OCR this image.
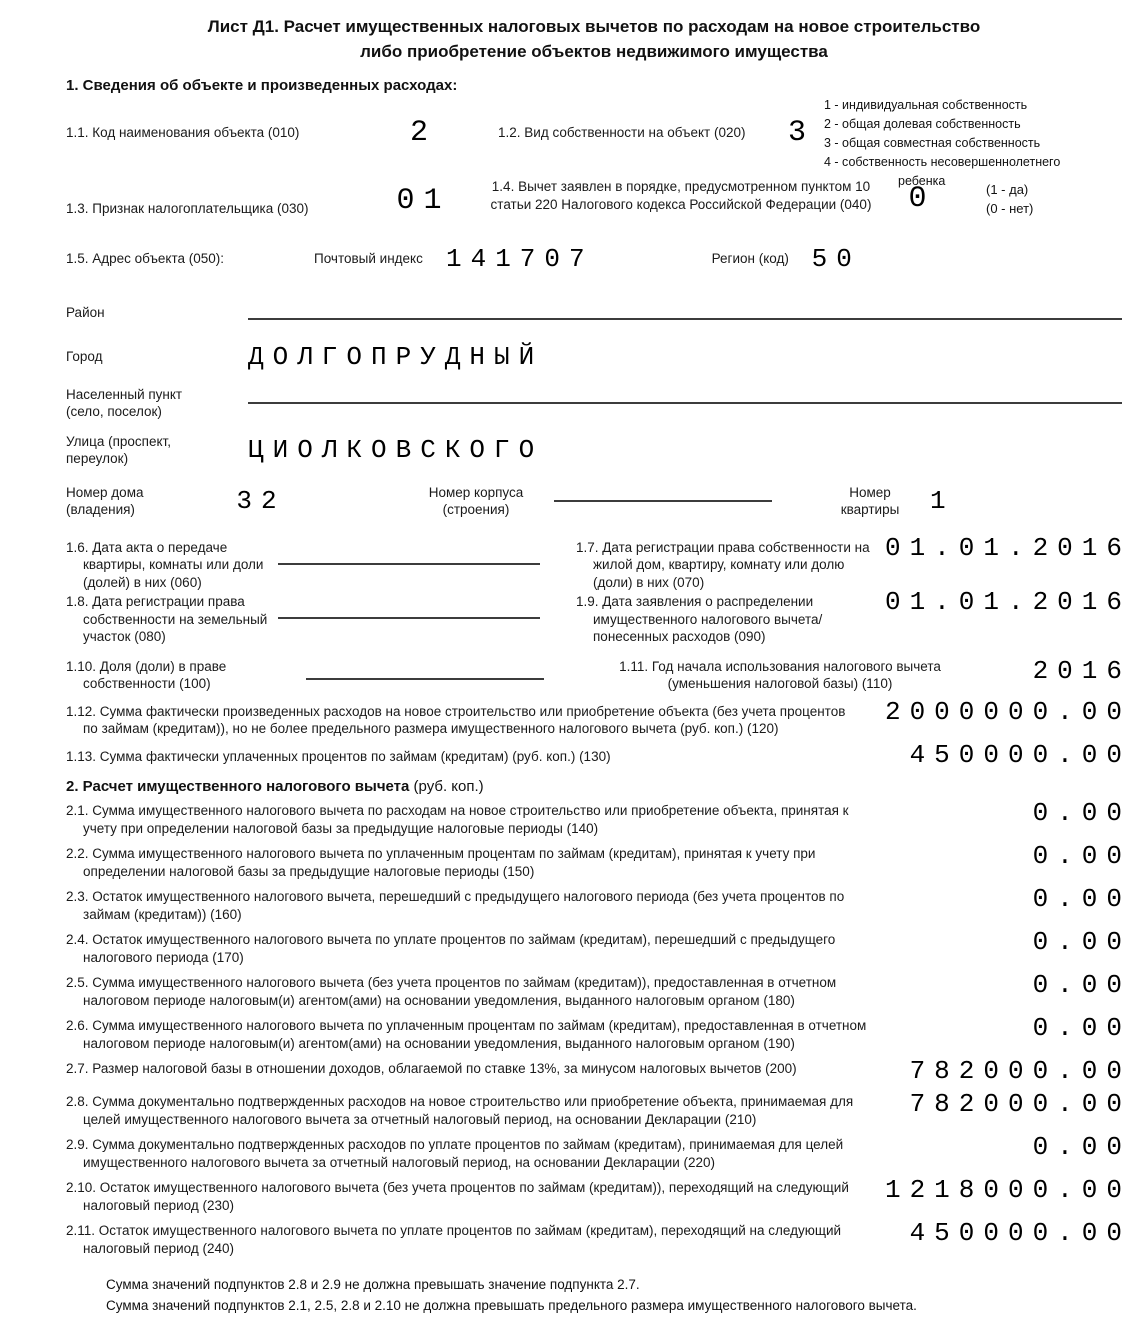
Лист Д1. Расчет имущественных налоговых вычетов по расходам на новое строительство
либо приобретение объектов недвижимого имущества
1. Сведения об объекте и произведенных расходах:
1.1. Код наименования объекта (010)	2	1.2. Вид собственности на объект (020)	3
1 - индивидуальная собственность
2 - общая долевая собственность
3 - общая совместная собственность
4 - собственность несовершеннолетнего
ребенка
1.3. Признак налогоплательщика (030)	01	1.4. Вычет заявлен в порядке, предусмотренном пунктом 10 статьи 220 Налогового кодекса Российской Федерации (040)	0	(1 - да)
(0 - нет)
1.5. Адрес объекта (050):	Почтовый индекс 141707	Регион (код) 50
Район
Город	ДОЛГОПРУДНЫЙ
Населенный пункт (село, поселок)
Улица (проспект, переулок)	ЦИОЛКОВСКОГО
Номер дома (владения)	32	Номер корпуса (строения)
Номер квартиры 1
1.6. Дата акта о передаче квартиры, комнаты или доли (долей) в них (060)
1.7. Дата регистрации права собственности на жилой дом, квартиру, комнату или долю (доли) в них (070)
01.01.2016
1.8. Дата регистрации права собственности на земельный участок (080)
1.9. Дата заявления о распределении имущественного налогового вычета/ понесенных расходов (090)
01.01.2016
1.10. Доля (доли) в праве собственности (100)
1.11. Год начала использования налогового вычета (уменьшения налоговой базы) (110)	2016
1.12. Сумма фактически произведенных расходов на новое строительство или приобретение объекта (без учета процентов по займам (кредитам)), но не более предельного размера имущественного налогового вычета (руб. коп.) (120)
2000000.00
1.13. Сумма фактически уплаченных процентов по займам (кредитам) (руб. коп.) (130)	450000.00
2. Расчет имущественного налогового вычета (руб. коп.)
2.1. Сумма имущественного налогового вычета по расходам на новое строительство или приобретение объекта, принятая к учету при определении налоговой базы за предыдущие налоговые периоды (140)
0.00
2.2. Сумма имущественного налогового вычета по уплаченным процентам по займам (кредитам), принятая к учету при определении налоговой базы за предыдущие налоговые периоды (150)
0.00
2.3. Остаток имущественного налогового вычета, перешедший с предыдущего налогового периода (без учета процентов по займам (кредитам)) (160)
0.00
2.4. Остаток имущественного налогового вычета по уплате процентов по займам (кредитам), перешедший с предыдущего налогового периода (170)
0.00
2.5. Сумма имущественного налогового вычета (без учета процентов по займам (кредитам)), предоставленная в отчетном налоговом периоде налоговым(и) агентом(ами) на основании уведомления, выданного налоговым органом (180)
0.00
2.6. Сумма имущественного налогового вычета по уплаченным процентам по займам (кредитам), предоставленная в отчетном налоговом периоде налоговым(и) агентом(ами) на основании уведомления, выданного налоговым органом (190)
0.00
2.7. Размер налоговой базы в отношении доходов, облагаемой по ставке 13%, за минусом налоговых вычетов (200)	782000.00
2.8. Сумма документально подтвержденных расходов на новое строительство или приобретение объекта, принимаемая для целей имущественного налогового вычета за отчетный налоговый период, на основании Декларации (210)
782000.00
2.9. Сумма документально подтвержденных расходов по уплате процентов по займам (кредитам), принимаемая для целей имущественного налогового вычета за отчетный налоговый период, на основании Декларации (220)
0.00
2.10. Остаток имущественного налогового вычета (без учета процентов по займам (кредитам)), переходящий на следующий налоговый период (230)
1218000.00
2.11. Остаток имущественного налогового вычета по уплате процентов по займам (кредитам), переходящий на следующий налоговый период (240)
450000.00
Сумма значений подпунктов 2.8 и 2.9 не должна превышать значение подпункта 2.7.
Сумма значений подпунктов 2.1, 2.5, 2.8 и 2.10 не должна превышать предельного размера имущественного налогового вычета.
